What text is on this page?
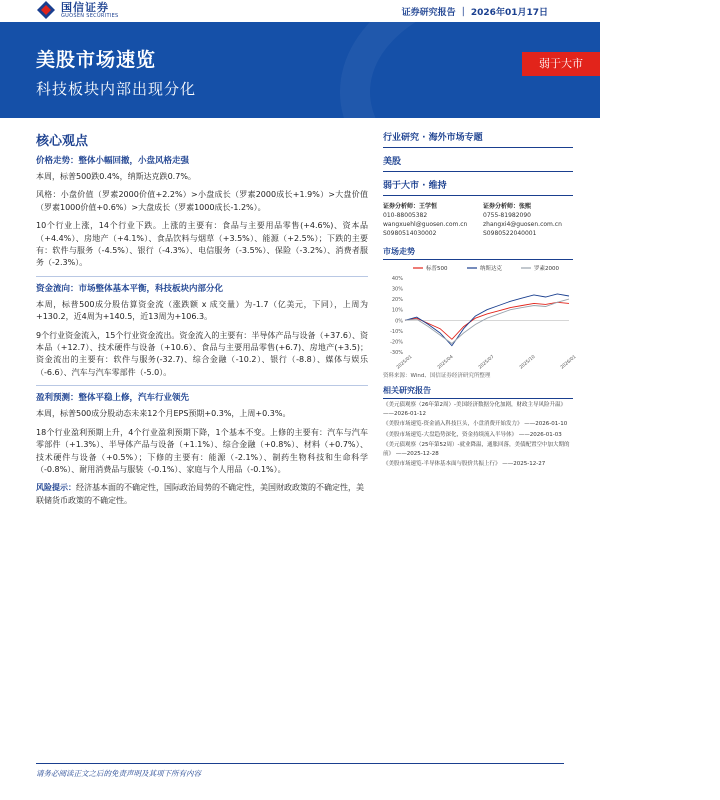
国信证券
GUOSEN SECURITIES	证券研究报告 ｜ 2026年01月17日
美股市场速览
科技板块内部出现分化
弱于大市
核心观点
价格走势：整体小幅回撤，小盘风格走强

本周，标普500跌0.4%，纳斯达克跌0.7%。

风格：小盘价值（罗素2000价值+2.2%）>小盘成长（罗素2000成长+1.9%）>大盘价值（罗素1000价值+0.6%）>大盘成长（罗素1000成长-1.2%）。

10个行业上涨，14个行业下跌。上涨的主要有：食品与主要用品零售(+4.6%)、资本品（+4.4%）、房地产（+4.1%）、食品饮料与烟草（+3.5%）、能源（+2.5%）；下跌的主要有：软件与服务（-4.5%）、银行（-4.3%）、电信服务（-3.5%）、保险（-3.2%）、消费者服务（-2.3%）。

资金流向：市场整体基本平衡，科技板块内部分化

本周，标普500成分股估算资金流（涨跌额 x 成交量）为-1.7（亿美元，下同），上周为+130.2，近4周为+140.5，近13周为+106.3。

9个行业资金流入，15个行业资金流出。资金流入的主要有：半导体产品与设备（+37.6）、资本品（+12.7）、技术硬件与设备（+10.6）、食品与主要用品零售(+6.7)、房地产(+3.5)；资金流出的主要有：软件与服务(-32.7)、综合金融（-10.2）、银行（-8.8）、媒体与娱乐（-6.6）、汽车与汽车零部件（-5.0）。

盈利预测：整体平稳上修，汽车行业领先

本周，标普500成分股动态未来12个月EPS预期+0.3%，上周+0.3%。

18个行业盈利预期上升，4个行业盈利预期下降，1个基本不变。上修的主要有：汽车与汽车零部件（+1.3%）、半导体产品与设备（+1.1%）、综合金融（+0.8%）、材料（+0.7%）、技术硬件与设备（+0.5%）；下修的主要有：能源（-2.1%）、制药生物科技和生命科学（-0.8%）、耐用消费品与服装（-0.1%）、家庭与个人用品（-0.1%）。

风险提示：经济基本面的不确定性，国际政治局势的不确定性，美国财政政策的不确定性，美联储货币政策的不确定性。

行业研究 · 海外市场专题
美股
弱于大市 · 维持
证券分析师：王学恒
010-88005382
wangxuehl@guosen.com.cn
S0980514030002
证券分析师：张熙
0755-81982090
zhangxi4@guosen.com.cn
S0980522040001
市场走势
40%
30%
20%
10%
0%
-10%
-20%
-30%
2025/01	2025/04	2025/07	2025/10	2026/01
标普500	纳斯达克	罗素2000
资料来源：Wind、国信证券经济研究所整理
相关研究报告
《美元债观察（26年第2周）-美国经济数据分化加剧，财政主导风险升温》 ——2026-01-12
《美股市场速览-资金涌入科技巨头，小盘消费开始发力》 ——2026-01-10
《美股市场速览-大盘趋势深化，资金持续流入半导体》 ——2026-01-03
《美元债观察（25年第52周）-就业降温，通胀回落，美债配置空中加大期的前》 ——2025-12-28
《美股市场速览-半导体基本面与股价共振上行》 ——2025-12-27
请务必阅读正文之后的免责声明及其项下所有内容
